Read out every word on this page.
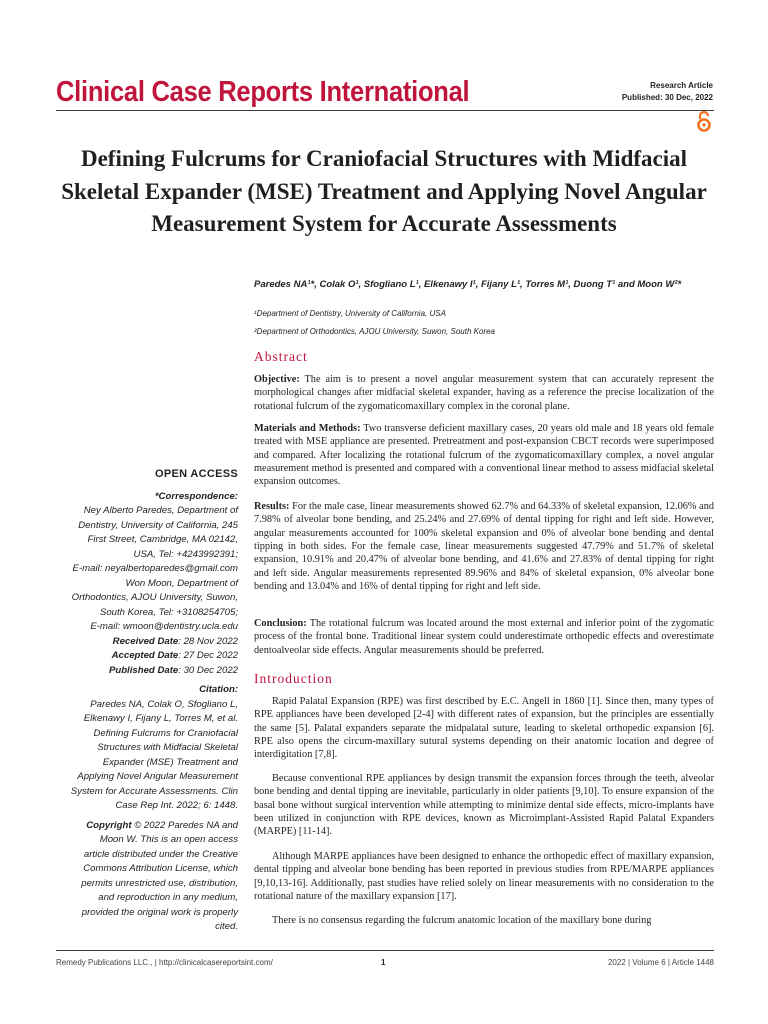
Clinical Case Reports International	Research Article
Published: 30 Dec, 2022
Defining Fulcrums for Craniofacial Structures with Midfacial Skeletal Expander (MSE) Treatment and Applying Novel Angular Measurement System for Accurate Assessments
Paredes NA¹*, Colak O¹, Sfogliano L¹, Elkenawy I¹, Fijany L¹, Torres M¹, Duong T¹ and Moon W²*
¹Department of Dentistry, University of California, USA
²Department of Orthodontics, AJOU University, Suwon, South Korea
Abstract

Objective: The aim is to present a novel angular measurement system that can accurately represent the morphological changes after midfacial skeletal expander, having as a reference the precise localization of the rotational fulcrum of the zygomaticomaxillary complex in the coronal plane.

Materials and Methods: Two transverse deficient maxillary cases, 20 years old male and 18 years old female treated with MSE appliance are presented. Pretreatment and post-expansion CBCT records were superimposed and compared. After localizing the rotational fulcrum of the zygomaticomaxillary complex, a novel angular measurement method is presented and compared with a conventional linear method to assess midfacial skeletal expansion outcomes.

Results: For the male case, linear measurements showed 62.7% and 64.33% of skeletal expansion, 12.06% and 7.98% of alveolar bone bending, and 25.24% and 27.69% of dental tipping for right and left side. However, angular measurements accounted for 100% skeletal expansion and 0% of alveolar bone bending and dental tipping in both sides. For the female case, linear measurements suggested 47.79% and 51.7% of skeletal expansion, 10.91% and 20.47% of alveolar bone bending, and 41.6% and 27.83% of dental tipping for right and left side. Angular measurements represented 89.96% and 84% of skeletal expansion, 0% alveolar bone bending and 13.04% and 16% of dental tipping for right and left side.

Conclusion: The rotational fulcrum was located around the most external and inferior point of the zygomatic process of the frontal bone. Traditional linear system could underestimate orthopedic effects and overestimate dentoalveolar side effects. Angular measurements should be preferred.

Introduction

Rapid Palatal Expansion (RPE) was first described by E.C. Angell in 1860 [1]. Since then, many types of RPE appliances have been developed [2-4] with different rates of expansion, but the principles are essentially the same [5]. Palatal expanders separate the midpalatal suture, leading to skeletal orthopedic expansion [6]. RPE also opens the circum-maxillary sutural systems depending on their anatomic location and degree of interdigitation [7,8].

Because conventional RPE appliances by design transmit the expansion forces through the teeth, alveolar bone bending and dental tipping are inevitable, particularly in older patients [9,10]. To ensure expansion of the basal bone without surgical intervention while attempting to minimize dental side effects, micro-implants have been utilized in conjunction with RPE devices, known as Microimplant-Assisted Rapid Palatal Expanders (MARPE) [11-14].

Although MARPE appliances have been designed to enhance the orthopedic effect of maxillary expansion, dental tipping and alveolar bone bending has been reported in previous studies from RPE/MARPE appliances [9,10,13-16]. Additionally, past studies have relied solely on linear measurements with no consideration to the rotational nature of the maxillary expansion [17].

There is no consensus regarding the fulcrum anatomic location of the maxillary bone during

OPEN ACCESS

*Correspondence:

Ney Alberto Paredes, Department of

Dentistry, University of California, 245

First Street, Cambridge, MA 02142,

USA, Tel: +4243992391;

E-mail: neyalbertoparedes@gmail.com

Won Moon, Department of

Orthodontics, AJOU University, Suwon,

South Korea, Tel: +3108254705;

E-mail: wmoon@dentistry.ucla.edu

Received Date: 28 Nov 2022

Accepted Date: 27 Dec 2022

Published Date: 30 Dec 2022

Citation:

Paredes NA, Colak O, Sfogliano L,

Elkenawy I, Fijany L, Torres M, et al.

Defining Fulcrums for Craniofacial

Structures with Midfacial Skeletal

Expander (MSE) Treatment and

Applying Novel Angular Measurement

System for Accurate Assessments. Clin

Case Rep Int. 2022; 6: 1448.

Copyright © 2022 Paredes NA and

Moon W. This is an open access

article distributed under the Creative

Commons Attribution License, which

permits unrestricted use, distribution,

and reproduction in any medium,

provided the original work is properly

cited.

Remedy Publications LLC., | http://clinicalcasereportsint.com/	1	2022 | Volume 6 | Article 1448
